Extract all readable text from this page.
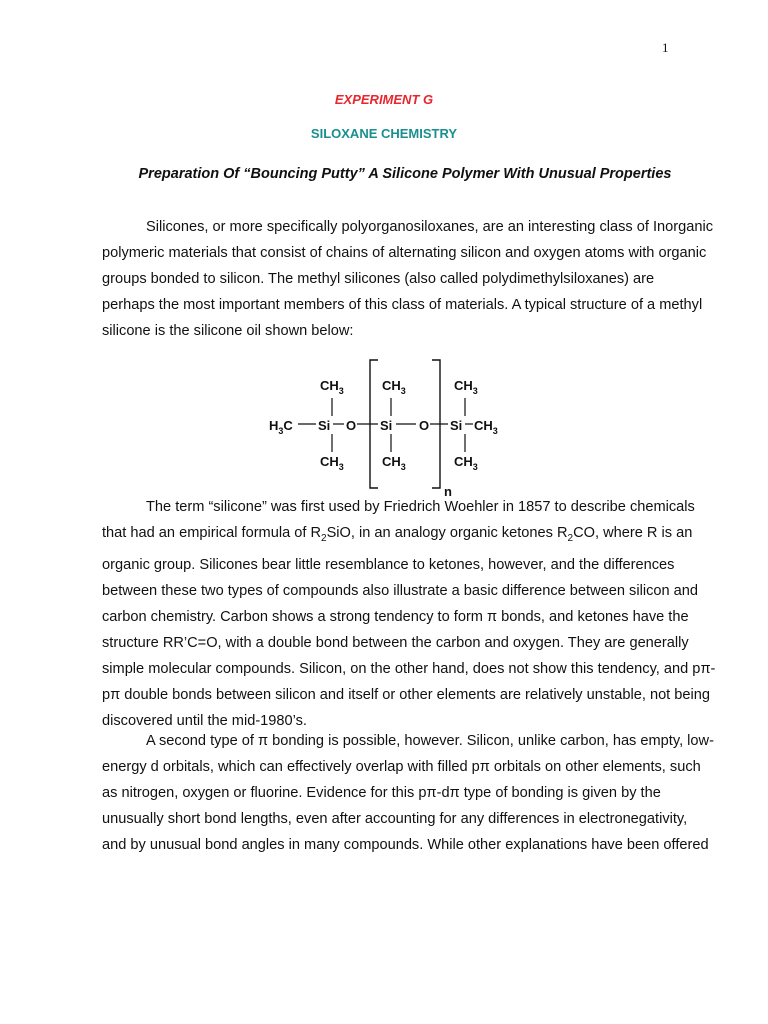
1
EXPERIMENT G
SILOXANE CHEMISTRY
Preparation Of “Bouncing Putty” A Silicone Polymer With Unusual Properties
Silicones, or more specifically polyorganosiloxanes, are an interesting class of Inorganic
polymeric materials that consist of chains of alternating silicon and oxygen atoms with organic
groups bonded to silicon. The methyl silicones (also called polydimethylsiloxanes) are
perhaps the most important members of this class of materials. A typical structure of a methyl
silicone is the silicone oil shown below:
$CH_3$	$CH_3$	$CH_3$
$H_3C$ Si O Si O Si $CH_3$
$CH_3$	$CH_3$	$CH_3$
n
The term “silicone” was first used by Friedrich Woehler in 1857 to describe chemicals
that had an empirical formula of $R_2SiO$, in an analogy organic ketones $R_2CO$, where R is an
organic group. Silicones bear little resemblance to ketones, however, and the differences
between these two types of compounds also illustrate a basic difference between silicon and
carbon chemistry. Carbon shows a strong tendency to form π bonds, and ketones have the
structure RR’C=O, with a double bond between the carbon and oxygen. They are generally
simple molecular compounds. Silicon, on the other hand, does not show this tendency, and pπ-
pπ double bonds between silicon and itself or other elements are relatively unstable, not being
discovered until the mid-1980’s.
A second type of π bonding is possible, however. Silicon, unlike carbon, has empty, low-
energy d orbitals, which can effectively overlap with filled pπ orbitals on other elements, such
as nitrogen, oxygen or fluorine. Evidence for this pπ-dπ type of bonding is given by the
unusually short bond lengths, even after accounting for any differences in electronegativity,
and by unusual bond angles in many compounds. While other explanations have been offered
